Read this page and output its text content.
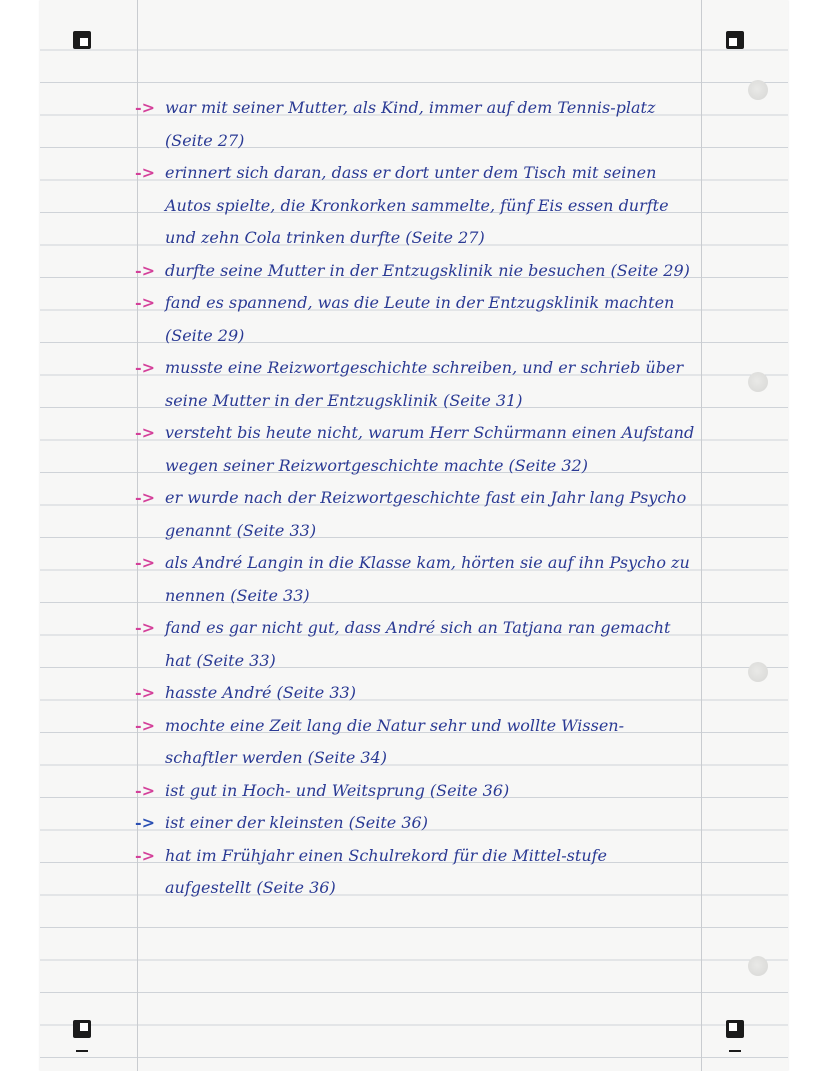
-> war mit seiner Mutter, als Kind, immer auf dem Tennis-platz (Seite 27)
-> erinnert sich daran, dass er dort unter dem Tisch mit seinen Autos spielte, die Kronkorken sammelte, fünf Eis essen durfte und zehn Cola trinken durfte (Seite 27)
-> durfte seine Mutter in der Entzugsklinik nie besuchen (Seite 29)
-> fand es spannend, was die Leute in der Entzugsklinik machten (Seite 29)
-> musste eine Reizwortgeschichte schreiben, und er schrieb über seine Mutter in der Entzugsklinik (Seite 31)
-> versteht bis heute nicht, warum Herr Schürmann einen Aufstand wegen seiner Reizwortgeschichte machte (Seite 32)
-> er wurde nach der Reizwortgeschichte fast ein Jahr lang Psycho genannt (Seite 33)
-> als André Langin in die Klasse kam, hörten sie auf ihn Psycho zu nennen (Seite 33)
-> fand es gar nicht gut, dass André sich an Tatjana ran gemacht hat (Seite 33)
-> hasste André (Seite 33)
-> mochte eine Zeit lang die Natur sehr und wollte Wissen-schaftler werden (Seite 34)
-> ist gut in Hoch- und Weitsprung (Seite 36)
-> ist einer der kleinsten (Seite 36)
-> hat im Frühjahr einen Schulrekord für die Mittel-stufe aufgestellt (Seite 36)
